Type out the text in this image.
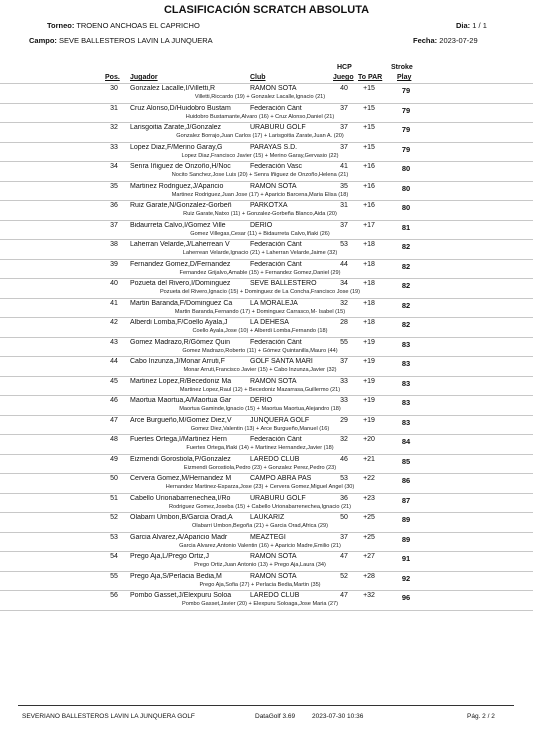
CLASIFICACIÓN SCRATCH ABSOLUTA
Torneo: TROENO ANCHOAS EL CAPRICHO	Dia: 1 / 1
Campo: SEVE BALLESTEROS LAVIN LA JUNQUERA	Fecha: 2023-07-29
Pos. Jugador	Club
HCP
Juego To PAR
Stroke
Play
30	Gonzalez Lacalle,I/Villetti,R	RAMON SOTA	40	+15	79
Villetti,Riccardo (19) + Gonzalez Lacalle,Ignacio (21)
31	Cruz Alonso,D/Huidobro Bustam	Federación Cánt	37	+15	79
Huidobro Bustamante,Alvaro (16) + Cruz Alonso,Daniel (21)
32	Larisgoitia Zarate,J/Gonzalez	URABURU GOLF	37	+15	79
Gonzalez Borrajo,Juan Carlos (17) + Larisgoitia Zarate,Juan A. (20)
33	Lopez Diaz,F/Merino Garay,G	PARAYAS S.D.	37	+15	79
Lopez Diaz,Francisco Javier (15) + Merino Garay,Gervasio (22)
34	Senra Iñiguez de Onzoño,H/Noc	Federación Vasc	41	+16	80
Nocito Sanchez,Jose Luis (20) + Senra Iñiguez de Onzoño,Helena (21)
35	Martinez Rodriguez,J/Aparicio	RAMON SOTA	35	+16	80
Martinez Rodriguez,Juan Jose (17) + Aparicio Barcena,Maria Elisa (18)
36	Ruiz Garate,N/Gonzalez-Gorbeñ	PARKOTXA	31	+16	80
Ruiz Garate,Natxo (11) + Gonzalez-Gorbeña Blanco,Aida (20)
37	Bidaurreta Calvo,I/Gomez Ville	DERIO	37	+17	81
Gomez Villegas,Cesar (11) + Bidaurreta Calvo,Iñaki (26)
38	Laherran Velarde,J/Laherrean V	Federación Cánt	53	+18	82
Laherrean Velarde,Ignacio (21) + Laherran Velarde,Jaime (32)
39	Fernandez Gomez,D/Fernandez	Federación Cánt	44	+18	82
Fernandez Grijalvo,Amable (15) + Fernandez Gomez,Daniel (29)
40	Pozueta del Rivero,I/Dominguez	SEVE BALLESTERO	34	+18	82
Pozueta del Rivero,Ignacio (15) + Dominguez de La Concha,Francisco Jose (19)
41	Martin Baranda,F/Dominguez Ca	LA MORALEJA	32	+18	82
Martin Baranda,Fernando (17) + Dominguez Carrasco,M- Isabel (15)
42	Alberdi Lomba,F/Coello Ayala,J	LA DEHESA	28	+18	82
Coello Ayala,Jose (10) + Alberdi Lomba,Fernando (18)
43	Gomez Madrazo,R/Gómez Quin	Federación Cánt	55	+19	83
Gomez Madrazo,Roberto (11) + Gómez Quintanilla,Mauro (44)
44	Cabo Inzunza,J/Monar Arruti,F	GOLF SANTA MARI	37	+19	83
Monar Arruti,Francisco Javier (15) + Cabo Inzunza,Javier (32)
45	Martinez Lopez,R/Becedoniz Ma	RAMON SOTA	33	+19	83
Martinez Lopez,Raul (12) + Becedoniz Mazarrasa,Guillermo (21)
46	Maortua Maortua,A/Maortua Gar	DERIO	33	+19	83
Maortua Gaminde,Ignacio (15) + Maortua Maortua,Alejandro (18)
47	Arce Burgueño,M/Gomez Diez,V	JUNQUERA GOLF	29	+19	83
Gomez Diez,Valentin (13) + Arce Burgueño,Manuel (16)
48	Fuertes Ortega,I/Martinez Hern	Federación Cánt	32	+20	84
Fuertes Ortega,Iñaki (14) + Martinez Hernandez,Javier (18)
49	Eizmendi Gorostiola,P/Gonzalez	LAREDO CLUB	46	+21	85
Eizmendi Gorostiola,Pedro (23) + Gonzalez Perez,Pedro (23)
50	Cervera Gomez,M/Hernandez M	CAMPO ABRA PAS	53	+22	86
Hernandez Martinez-Esparza,Jose (23) + Cervera Gomez,Miguel Angel (30)
51	Cabello Urionabarrenechea,I/Ro	URABURU GOLF	36	+23	87
Rodriguez Gomez,Joseba (15) + Cabello Urionabarrenechea,Ignacio (21)
52	Olabarri Umbon,B/Garcia Orad,A	LAUKARIZ	50	+25	89
Olabarri Umbon,Begoña (21) + Garcia Orad,Africa (29)
53	Garcia Alvarez,A/Aparicio Madr	MEAZTEGI	37	+25	89
Garcia Alvarez,Antonio Valentin (16) + Aparicio Madre,Emilio (21)
54	Prego Aja,L/Prego Ortiz,J	RAMON SOTA	47	+27	91
Prego Ortiz,Juan Antonio (13) + Prego Aja,Laura (34)
55	Prego Aja,S/Perlacia Bedia,M	RAMON SOTA	52	+28	92
Prego Aja,Sofia (27) + Perlacia Bedia,Martin (35)
56	Pombo Gasset,J/Elexpuru Soloa	LAREDO CLUB	47	+32	96
Pombo Gasset,Javier (20) + Elexpuru Soloaga,Jose Maria (27)
SEVERIANO BALLESTEROS LAVIN LA JUNQUERA GOLF	DataGolf 3.69	2023-07-30 10:36	Pág. 2 / 2
